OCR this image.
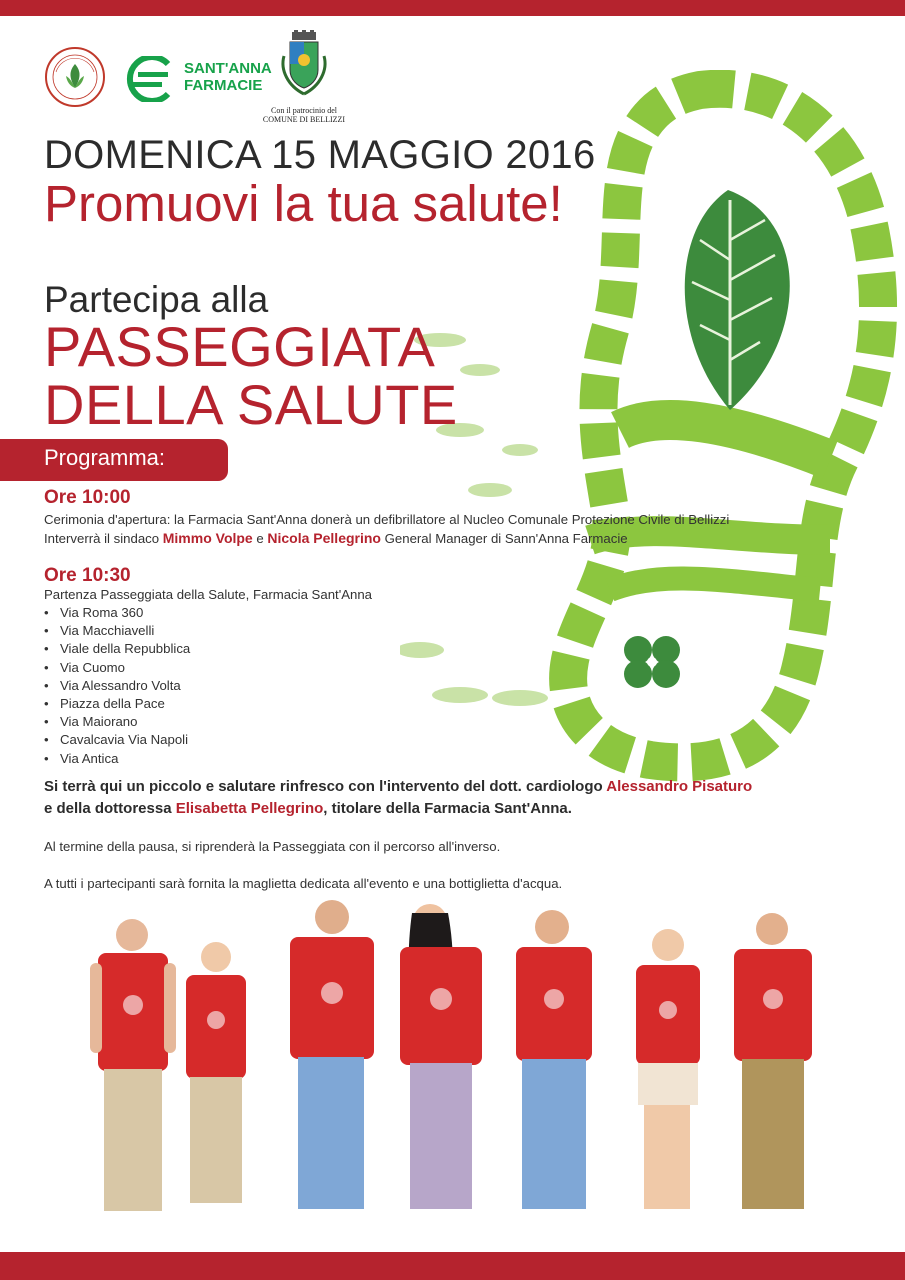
SANT'ANNA
FARMACIE
Con il patrocinio del
COMUNE DI BELLIZZI
DOMENICA 15 MAGGIO 2016
Promuovi la tua salute!
Partecipa alla
PASSEGGIATA
DELLA SALUTE
Programma:
Ore 10:00
Cerimonia d'apertura: la Farmacia Sant'Anna donerà un defibrillatore al Nucleo Comunale Protezione Civile di Bellizzi
Interverrà il sindaco Mimmo Volpe e Nicola Pellegrino General Manager di Sann'Anna Farmacie
Ore 10:30
Partenza Passeggiata della Salute, Farmacia Sant'Anna
• Via Roma 360
• Via Macchiavelli
• Viale della Repubblica
• Via Cuomo
• Via Alessandro Volta
• Piazza della Pace
• Via Maiorano
• Cavalcavia Via Napoli
• Via Antica
Si terrà qui un piccolo e salutare rinfresco con l'intervento del dott. cardiologo Alessandro Pisaturo
e della dottoressa Elisabetta Pellegrino, titolare della Farmacia Sant'Anna.
Al termine della pausa, si riprenderà la Passeggiata con il percorso all'inverso.
A tutti i partecipanti sarà fornita la maglietta dedicata all'evento e una bottiglietta d'acqua.
